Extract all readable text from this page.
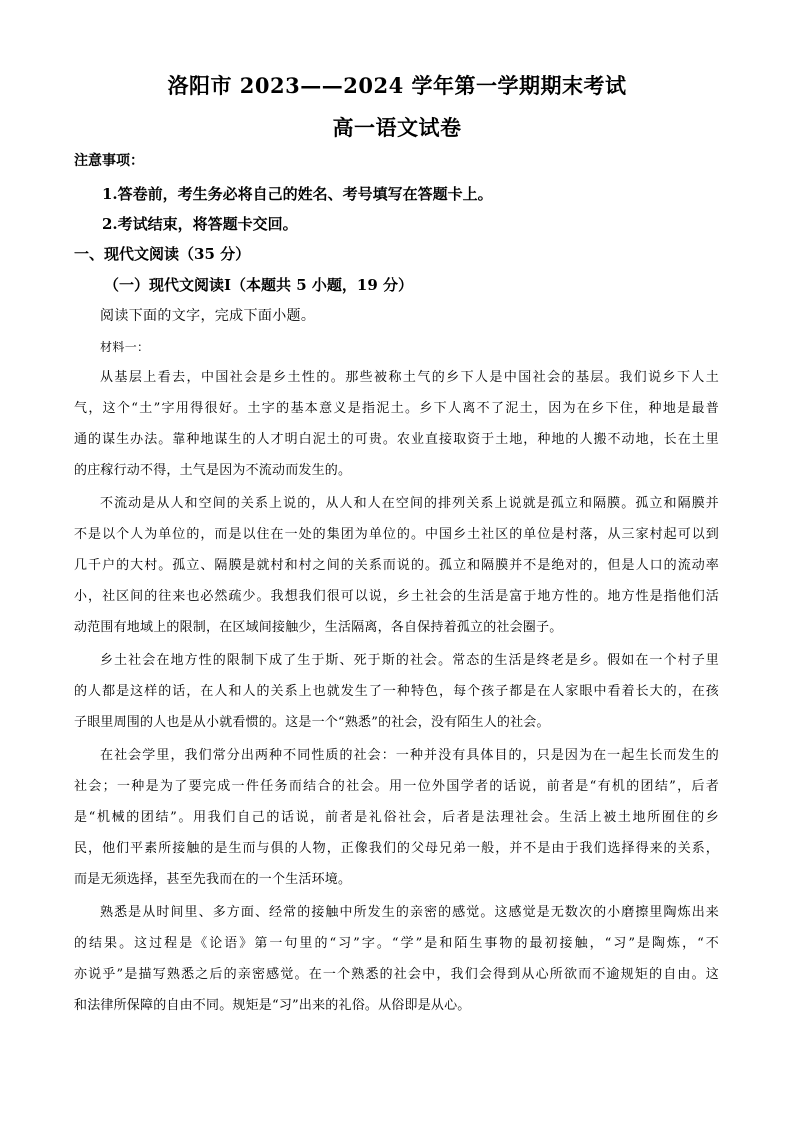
洛阳市 2023——2024 学年第一学期期末考试
高一语文试卷
注意事项：
1.答卷前，考生务必将自己的姓名、考号填写在答题卡上。
2.考试结束，将答题卡交回。
一、现代文阅读（35 分）
（一）现代文阅读Ⅰ（本题共 5 小题，19 分）
阅读下面的文字，完成下面小题。
材料一：
从基层上看去，中国社会是乡土性的。那些被称土气的乡下人是中国社会的基层。我们说乡下人土
气，这个“土”字用得很好。土字的基本意义是指泥土。乡下人离不了泥土，因为在乡下住，种地是最普
通的谋生办法。靠种地谋生的人才明白泥土的可贵。农业直接取资于土地，种地的人搬不动地，长在土里
的庄稼行动不得，土气是因为不流动而发生的。
不流动是从人和空间的关系上说的，从人和人在空间的排列关系上说就是孤立和隔膜。孤立和隔膜并
不是以个人为单位的，而是以住在一处的集团为单位的。中国乡土社区的单位是村落，从三家村起可以到
几千户的大村。孤立、隔膜是就村和村之间的关系而说的。孤立和隔膜并不是绝对的，但是人口的流动率
小，社区间的往来也必然疏少。我想我们很可以说，乡土社会的生活是富于地方性的。地方性是指他们活
动范围有地域上的限制，在区域间接触少，生活隔离，各自保持着孤立的社会圈子。
乡土社会在地方性的限制下成了生于斯、死于斯的社会。常态的生活是终老是乡。假如在一个村子里
的人都是这样的话，在人和人的关系上也就发生了一种特色，每个孩子都是在人家眼中看着长大的，在孩
子眼里周围的人也是从小就看惯的。这是一个“熟悉”的社会，没有陌生人的社会。
在社会学里，我们常分出两种不同性质的社会：一种并没有具体目的，只是因为在一起生长而发生的
社会；一种是为了要完成一件任务而结合的社会。用一位外国学者的话说，前者是“有机的团结”，后者
是“机械的团结”。用我们自己的话说，前者是礼俗社会，后者是法理社会。生活上被土地所囿住的乡
民，他们平素所接触的是生而与俱的人物，正像我们的父母兄弟一般，并不是由于我们选择得来的关系，
而是无须选择，甚至先我而在的一个生活环境。
熟悉是从时间里、多方面、经常的接触中所发生的亲密的感觉。这感觉是无数次的小磨擦里陶炼出来
的结果。这过程是《论语》第一句里的“习”字。“学”是和陌生事物的最初接触，“习”是陶炼，“不
亦说乎”是描写熟悉之后的亲密感觉。在一个熟悉的社会中，我们会得到从心所欲而不逾规矩的自由。这
和法律所保障的自由不同。规矩是“习”出来的礼俗。从俗即是从心。
